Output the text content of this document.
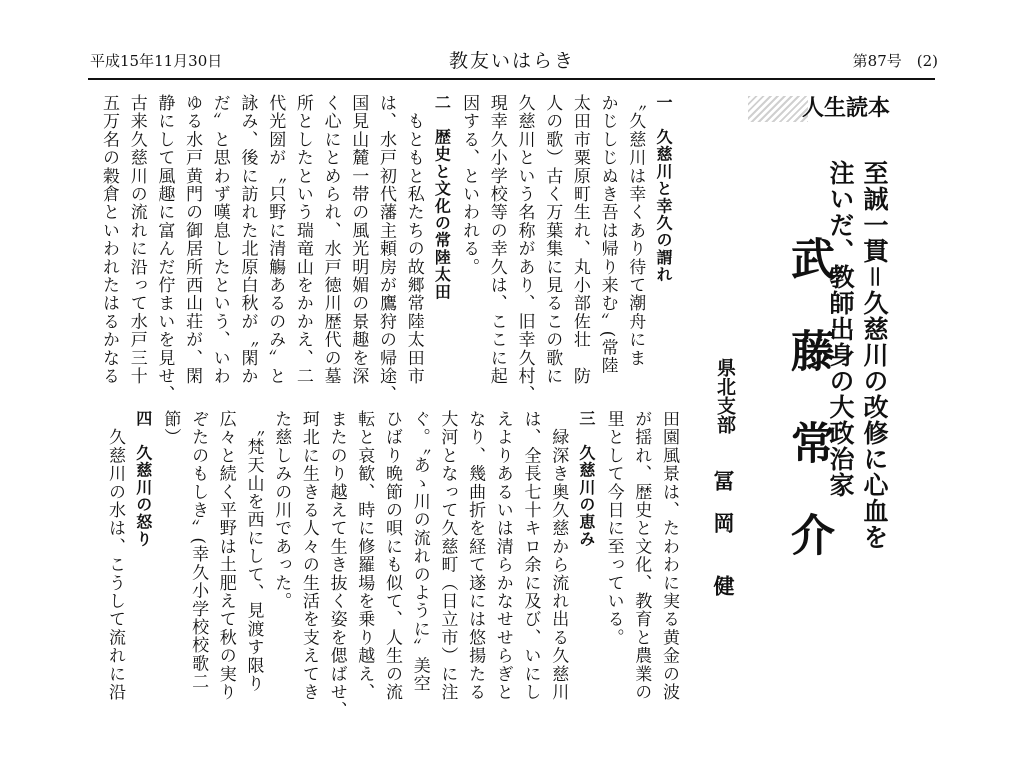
平成15年11月30日	教友いはらき	第87号　(2)
人生読本
至誠一貫＝久慈川の改修に心血を
注いだ、教師出身の大政治家
武藤常介
県北支部
冨　岡　　健
一　久慈川と幸久の謂れ
〝久慈川は幸くあり待て潮舟にま
かじしじぬき吾は帰り来む〟(常陸
太田市粟原町生れ、丸小部佐壮　防
人の歌）古く万葉集に見るこの歌に
久慈川という名称があり、旧幸久村、
現幸久小学校等の幸久は、ここに起
因する、といわれる。
二　歴史と文化の常陸太田
　もともと私たちの故郷常陸太田市
は、水戸初代藩主頼房が鷹狩の帰途、
国見山麓一帯の風光明媚の景趣を深
く心にとめられ、水戸徳川歴代の墓
所としたという瑞竜山をかかえ、二
代光圀が〝只野に清觴あるのみ〟と
詠み、後に訪れた北原白秋が〝閑か
だ〟と思わず嘆息したという、いわ
ゆる水戸黄門の御居所西山荘が、閑
静にして風趣に富んだ佇まいを見せ、
古来久慈川の流れに沿って水戸三十
五万名の穀倉といわれたはるかなる
田園風景は、たわわに実る黄金の波
が揺れ、歴史と文化、教育と農業の
里として今日に至っている。
三　久慈川の恵み
　緑深き奥久慈から流れ出る久慈川
は、全長七十キロ余に及び、いにし
えよりあるいは清らかなせせらぎと
なり、幾曲折を経て遂には悠揚たる
大河となって久慈町（日立市）に注
ぐ。〝あゝ川の流れのように〟美空
ひばり晩節の唄にも似て、人生の流
転と哀歓、時に修羅場を乗り越え、
またのり越えて生き抜く姿を偲ばせ、
珂北に生きる人々の生活を支えてき
た慈しみの川であった。
　〝梵天山を西にして、見渡す限り
広々と続く平野は土肥えて秋の実り
ぞたのもしき〟(幸久小学校校歌二
節）
四　久慈川の怒り
　久慈川の水は、こうして流れに沿
